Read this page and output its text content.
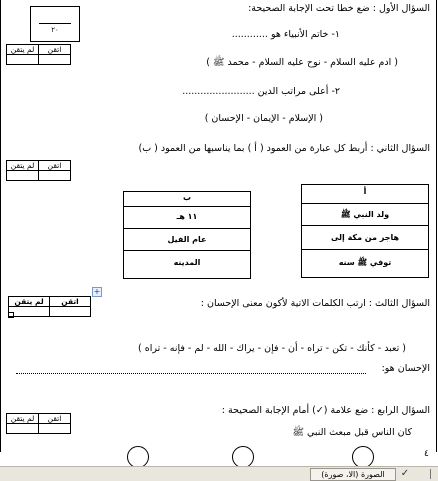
٢٠
السؤال الأول : ضع خطا تحت الإجابة الصحيحة:
لم يتقن	اتقن

١- خاتم الأنبياء هو ............
( ادم عليه السلام - نوح عليه السلام - محمد ﷺ )
٢- أعلى مراتب الدين ........................
( الإسلام - الإيمان - الإحسان )
السؤال الثاني : أربط كل عبارة من العمود ( أ ) بما يناسبها من العمود ( ب)
لم يتقن	اتقن

أ
ولد النبي ﷺ
هاجر من مكة إلى
توفي ﷺ سنه
ب
١١ هـ
عام الفيل
المدينه
+
لم يتقن	اتقن
		السؤال الثالث : ارتب الكلمات الاتية لأكون معنى الإحسان :
( تعبد - كأنك - تكن - تراه - أن - فإن - يراك - الله - لم - فإنه - تراه )
الإحسان هو:
لم يتقن	اتقن

السؤال الرابع : ضع علامة (✓) أمام الإجابة الصحيحة :
كان الناس قبل مبعث النبي ﷺ
٤
الصورة (الا، صورة)	✓
